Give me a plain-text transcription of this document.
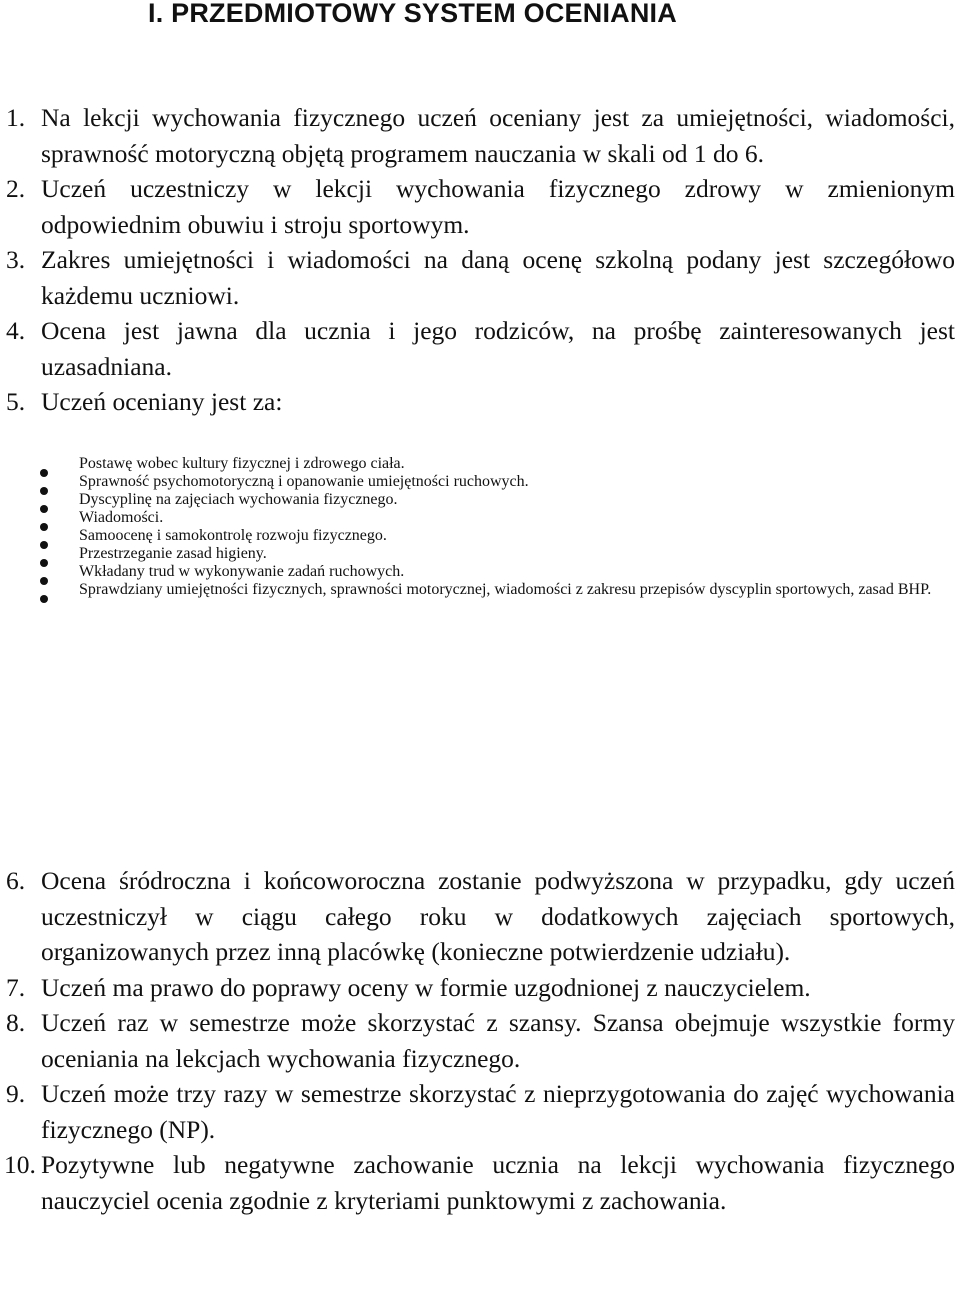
I. PRZEDMIOTOWY SYSTEM OCENIANIA
1. Na lekcji wychowania fizycznego uczeń oceniany jest za umiejętności, wiadomości, sprawność motoryczną objętą programem nauczania w skali od 1 do 6.
2. Uczeń uczestniczy w lekcji wychowania fizycznego zdrowy w zmienionym odpowiednim obuwiu i stroju sportowym.
3. Zakres umiejętności i wiadomości na daną ocenę szkolną podany jest szczegółowo każdemu uczniowi.
4. Ocena jest jawna dla ucznia i jego rodziców, na prośbę zainteresowanych jest uzasadniana.
5. Uczeń oceniany jest za:
Postawę wobec kultury fizycznej i zdrowego ciała.
Sprawność psychomotoryczną i opanowanie umiejętności ruchowych.
Dyscyplinę na zajęciach wychowania fizycznego.
Wiadomości.
Samoocenę i samokontrolę rozwoju fizycznego.
Przestrzeganie zasad higieny.
Wkładany trud w wykonywanie zadań ruchowych.
Sprawdziany umiejętności fizycznych, sprawności motorycznej, wiadomości z zakresu przepisów dyscyplin sportowych, zasad BHP.
6. Ocena śródroczna i końcoworoczna zostanie podwyższona w przypadku, gdy uczeń uczestniczył w ciągu całego roku w dodatkowych zajęciach sportowych, organizowanych przez inną placówkę (konieczne potwierdzenie udziału).
7. Uczeń ma prawo do poprawy oceny w formie uzgodnionej z nauczycielem.
8. Uczeń raz w semestrze może skorzystać z szansy. Szansa obejmuje wszystkie formy oceniania na lekcjach wychowania fizycznego.
9. Uczeń może trzy razy w semestrze skorzystać z nieprzygotowania do zajęć wychowania fizycznego (NP).
10. Pozytywne lub negatywne zachowanie ucznia na lekcji wychowania fizycznego nauczyciel ocenia zgodnie z kryteriami punktowymi z zachowania.
